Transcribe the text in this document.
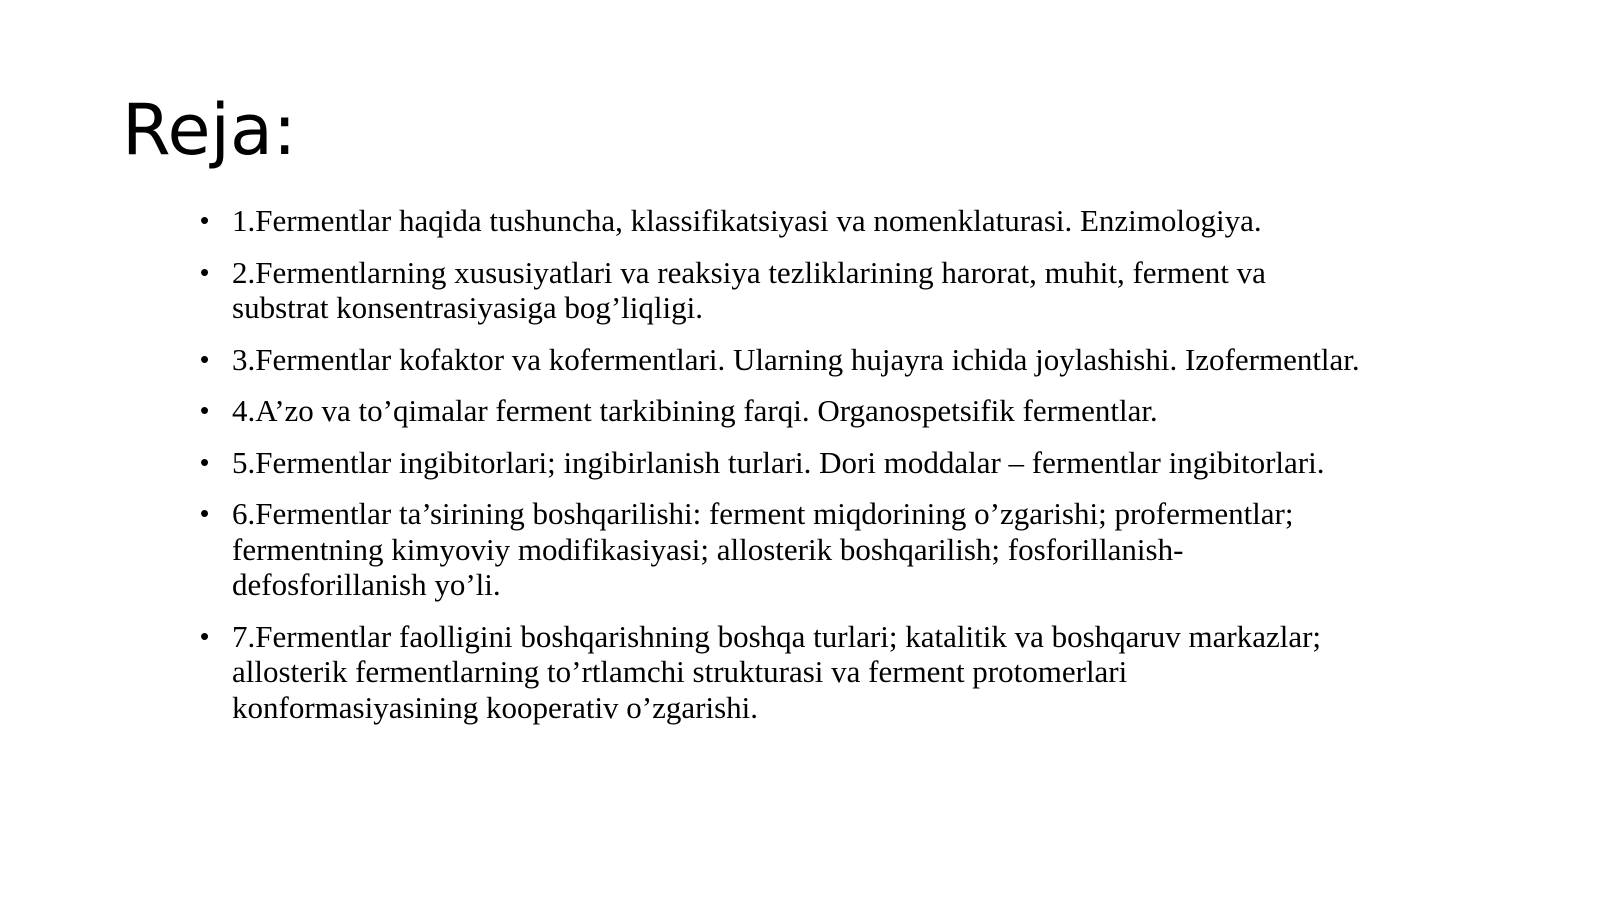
Reja:
• 1.Fermentlar haqida tushuncha, klassifikatsiyasi va nomenklaturasi. Enzimologiya.
• 2.Fermentlarning xususiyatlari va reaksiya tezliklarining harorat, muhit, ferment va substrat konsentrasiyasiga bog’liqligi.
• 3.Fermentlar kofaktor va kofermentlari. Ularning hujayra ichida joylashishi. Izofermentlar.
• 4.A’zo va to’qimalar ferment tarkibining farqi. Organospetsifik fermentlar.
• 5.Fermentlar ingibitorlari; ingibirlanish turlari. Dori moddalar – fermentlar ingibitorlari.
• 6.Fermentlar ta’sirining boshqarilishi: ferment miqdorining o’zgarishi; profermentlar; fermentning kimyoviy modifikasiyasi; allosterik boshqarilish; fosforillanish-defosforillanish yo’li.
• 7.Fermentlar faolligini boshqarishning boshqa turlari; katalitik va boshqaruv markazlar; allosterik fermentlarning to’rtlamchi strukturasi va ferment protomerlari konformasiyasining kooperativ o’zgarishi.
